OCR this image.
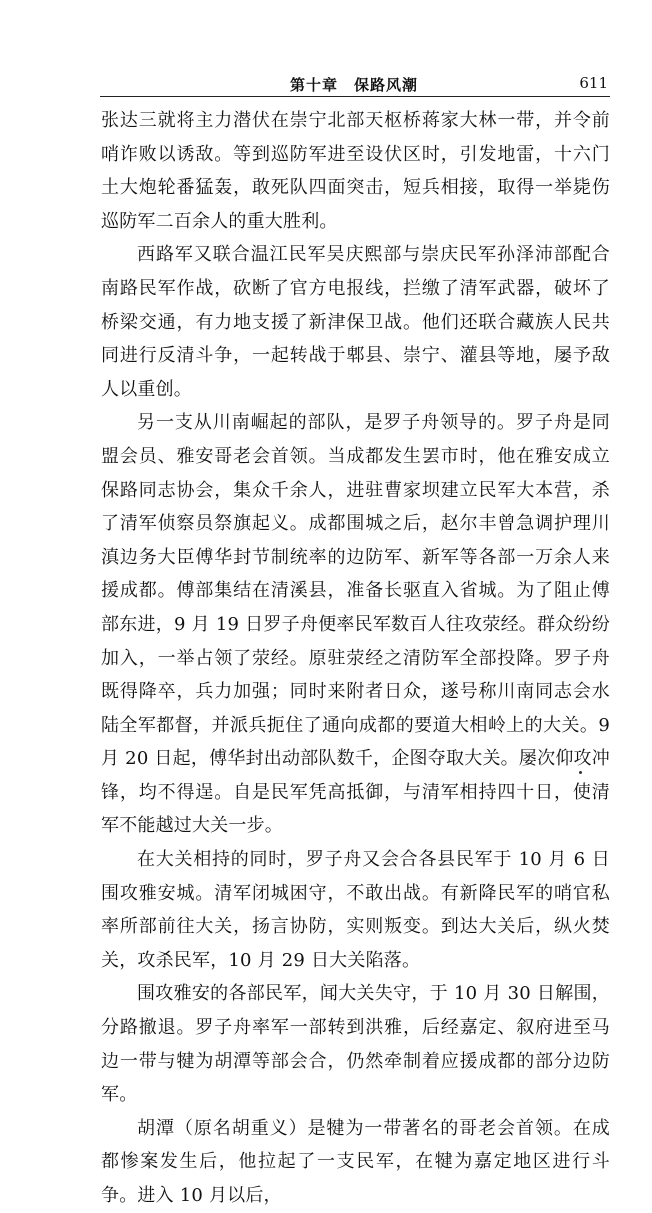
第十章　保路风潮	611

张达三就将主力潜伏在崇宁北部天枢桥蒋家大林一带，并令前哨诈败以诱敌。等到巡防军进至设伏区时，引发地雷，十六门土大炮轮番猛轰，敢死队四面突击，短兵相接，取得一举毙伤巡防军二百余人的重大胜利。

西路军又联合温江民军吴庆熙部与崇庆民军孙泽沛部配合南路民军作战，砍断了官方电报线，拦缴了清军武器，破坏了桥梁交通，有力地支援了新津保卫战。他们还联合藏族人民共同进行反清斗争，一起转战于郫县、崇宁、灌县等地，屡予敌人以重创。

另一支从川南崛起的部队，是罗子舟领导的。罗子舟是同盟会员、雅安哥老会首领。当成都发生罢市时，他在雅安成立保路同志协会，集众千余人，进驻曹家坝建立民军大本营，杀了清军侦察员祭旗起义。成都围城之后，赵尔丰曾急调护理川滇边务大臣傅华封节制统率的边防军、新军等各部一万余人来援成都。傅部集结在清溪县，准备长驱直入省城。为了阻止傅部东进，9 月 19 日罗子舟便率民军数百人往攻荥经。群众纷纷加入，一举占领了荥经。原驻荥经之清防军全部投降。罗子舟既得降卒，兵力加强；同时来附者日众，遂号称川南同志会水陆全军都督，并派兵扼住了通向成都的要道大相岭上的大关。9 月 20 日起，傅华封出动部队数千，企图夺取大关。屡次仰攻冲锋，均不得逞。自是民军凭高抵御，与清军相持四十日，使清军不能越过大关一步。

在大关相持的同时，罗子舟又会合各县民军于 10 月 6 日围攻雅安城。清军闭城困守，不敢出战。有新降民军的哨官私率所部前往大关，扬言协防，实则叛变。到达大关后，纵火焚关，攻杀民军，10 月 29 日大关陷落。

围攻雅安的各部民军，闻大关失守，于 10 月 30 日解围，分路撤退。罗子舟率军一部转到洪雅，后经嘉定、叙府进至马边一带与犍为胡潭等部会合，仍然牵制着应援成都的部分边防军。

胡潭（原名胡重义）是犍为一带著名的哥老会首领。在成都惨案发生后，他拉起了一支民军，在犍为嘉定地区进行斗争。进入 10 月以后，
